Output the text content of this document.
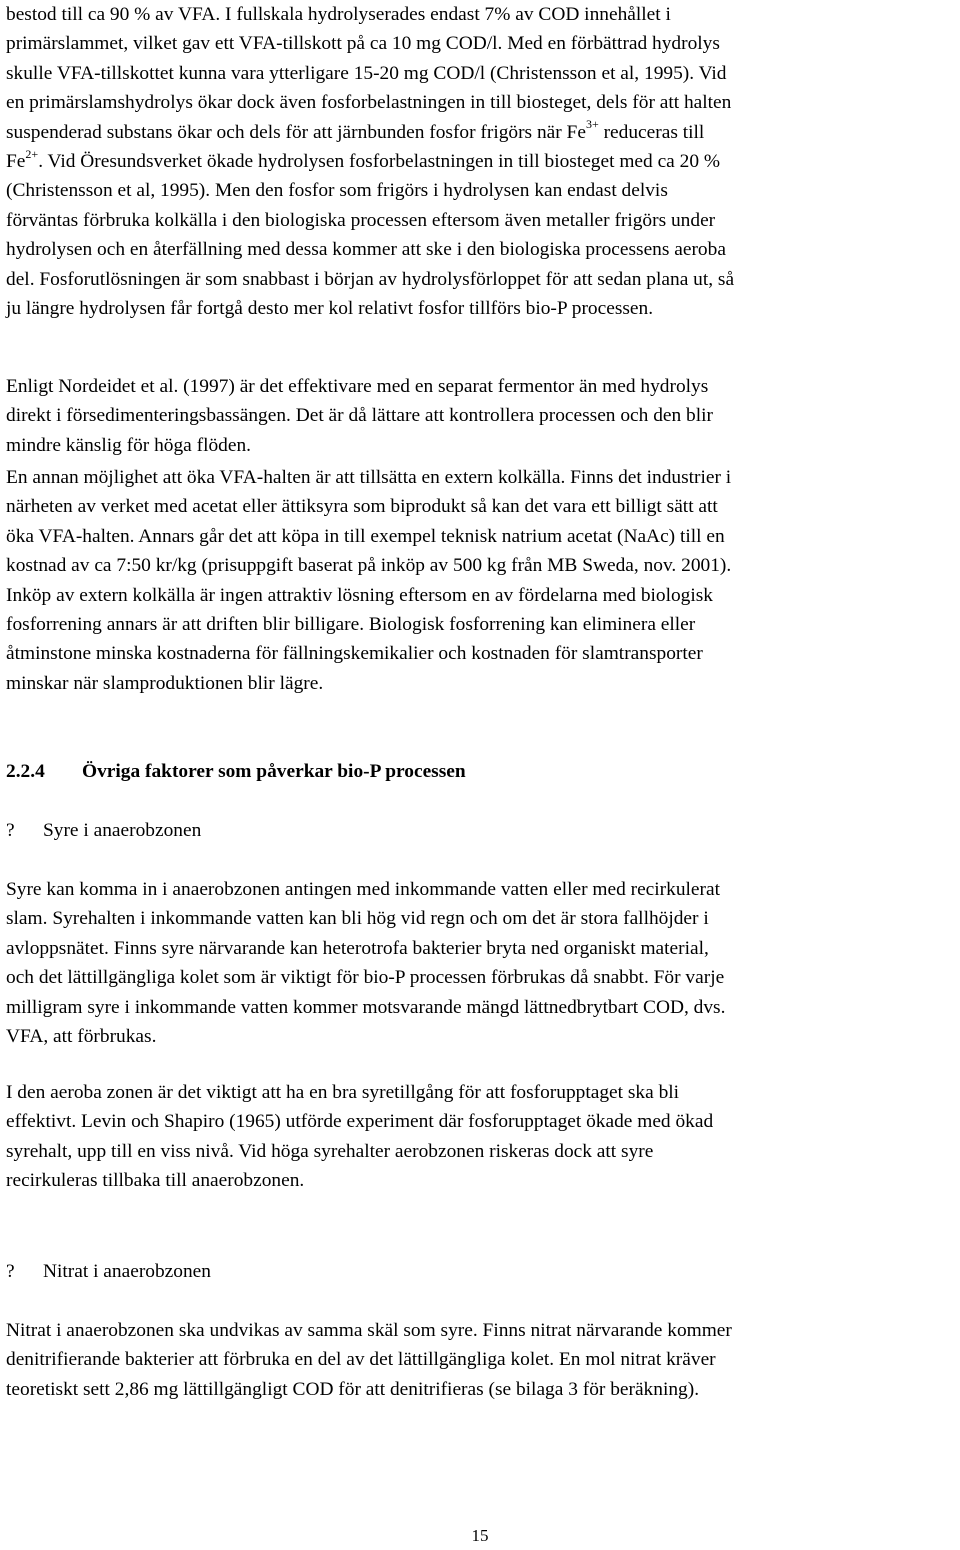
bestod till ca 90 % av VFA. I fullskala hydrolyserades endast 7% av COD innehållet i
primärslammet, vilket gav ett VFA-tillskott på ca 10 mg COD/l. Med en förbättrad hydrolys
skulle VFA-tillskottet kunna vara ytterligare 15-20 mg COD/l (Christensson et al, 1995). Vid
en primärslamshydrolys ökar dock även fosforbelastningen in till biosteget, dels för att halten
suspenderad substans ökar och dels för att järnbunden fosfor frigörs när $Fe^{3+}$ reduceras till
$Fe^{2+}$. Vid Öresundsverket ökade hydrolysen fosforbelastningen in till biosteget med ca 20 %
(Christensson et al, 1995). Men den fosfor som frigörs i hydrolysen kan endast delvis
förväntas förbruka kolkälla i den biologiska processen eftersom även metaller frigörs under
hydrolysen och en återfällning med dessa kommer att ske i den biologiska processens aeroba
del. Fosforutlösningen är som snabbast i början av hydrolysförloppet för att sedan plana ut, så
ju längre hydrolysen får fortgå desto mer kol relativt fosfor tillförs bio-P processen.
Enligt Nordeidet et al. (1997) är det effektivare med en separat fermentor än med hydrolys
direkt i försedimenteringsbassängen. Det är då lättare att kontrollera processen och den blir
mindre känslig för höga flöden.
En annan möjlighet att öka VFA-halten är att tillsätta en extern kolkälla. Finns det industrier i
närheten av verket med acetat eller ättiksyra som biprodukt så kan det vara ett billigt sätt att
öka VFA-halten. Annars går det att köpa in till exempel teknisk natrium acetat (NaAc) till en
kostnad av ca 7:50 kr/kg (prisuppgift baserat på inköp av 500 kg från MB Sweda, nov. 2001).
Inköp av extern kolkälla är ingen attraktiv lösning eftersom en av fördelarna med biologisk
fosforrening annars är att driften blir billigare. Biologisk fosforrening kan eliminera eller
åtminstone minska kostnaderna för fällningskemikalier och kostnaden för slamtransporter
minskar när slamproduktionen blir lägre.
2.2.4 Övriga faktorer som påverkar bio-P processen
? Syre i anaerobzonen
Syre kan komma in i anaerobzonen antingen med inkommande vatten eller med recirkulerat
slam. Syrehalten i inkommande vatten kan bli hög vid regn och om det är stora fallhöjder i
avloppsnätet. Finns syre närvarande kan heterotrofa bakterier bryta ned organiskt material,
och det lättillgängliga kolet som är viktigt för bio-P processen förbrukas då snabbt. För varje
milligram syre i inkommande vatten kommer motsvarande mängd lättnedbrytbart COD, dvs.
VFA, att förbrukas.
I den aeroba zonen är det viktigt att ha en bra syretillgång för att fosforupptaget ska bli
effektivt. Levin och Shapiro (1965) utförde experiment där fosforupptaget ökade med ökad
syrehalt, upp till en viss nivå. Vid höga syrehalter aerobzonen riskeras dock att syre
recirkuleras tillbaka till anaerobzonen.
? Nitrat i anaerobzonen
Nitrat i anaerobzonen ska undvikas av samma skäl som syre. Finns nitrat närvarande kommer
denitrifierande bakterier att förbruka en del av det lättillgängliga kolet. En mol nitrat kräver
teoretiskt sett 2,86 mg lättillgängligt COD för att denitrifieras (se bilaga 3 för beräkning).
15
